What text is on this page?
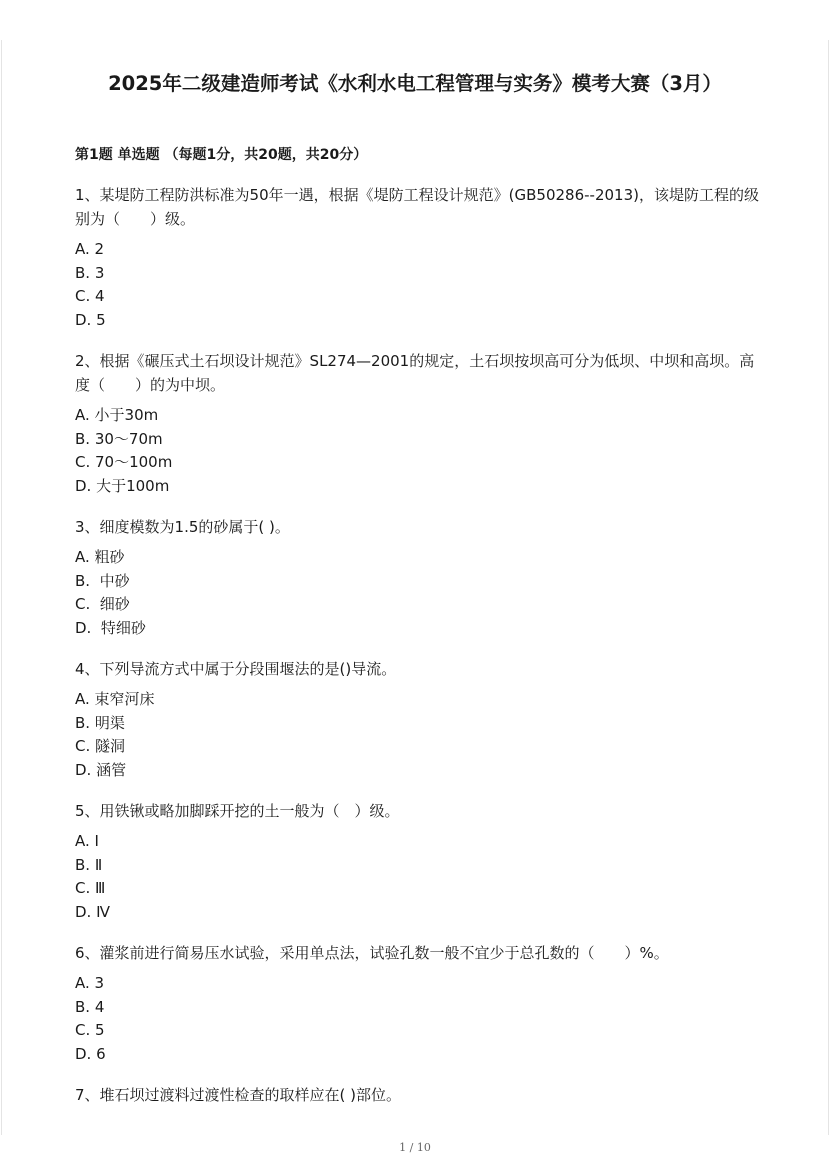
2025年二级建造师考试《水利水电工程管理与实务》模考大赛（3月）

第1题 单选题 （每题1分，共20题，共20分）

1、某堤防工程防洪标准为50年一遇，根据《堤防工程设计规范》(GB50286--2013)，该堤防工程的级别为（　　）级。

A. 2

B. 3

C. 4

D. 5

2、根据《碾压式土石坝设计规范》SL274—2001的规定，土石坝按坝高可分为低坝、中坝和高坝。高度（　　）的为中坝。

A. 小于30m

B. 30～70m

C. 70～100m

D. 大于100m

3、细度模数为1.5的砂属于( )。

A. 粗砂

B.  中砂

C.  细砂

D.  特细砂

4、下列导流方式中属于分段围堰法的是()导流。

A. 束窄河床

B. 明渠

C. 隧洞

D. 涵管

5、用铁锹或略加脚踩开挖的土一般为（　）级。

A. Ⅰ

B. Ⅱ

C. Ⅲ

D. Ⅳ

6、灌浆前进行简易压水试验，采用单点法，试验孔数一般不宜少于总孔数的（　　）%。

A. 3

B. 4

C. 5

D. 6

7、堆石坝过渡料过渡性检查的取样应在( )部位。

1 / 10
